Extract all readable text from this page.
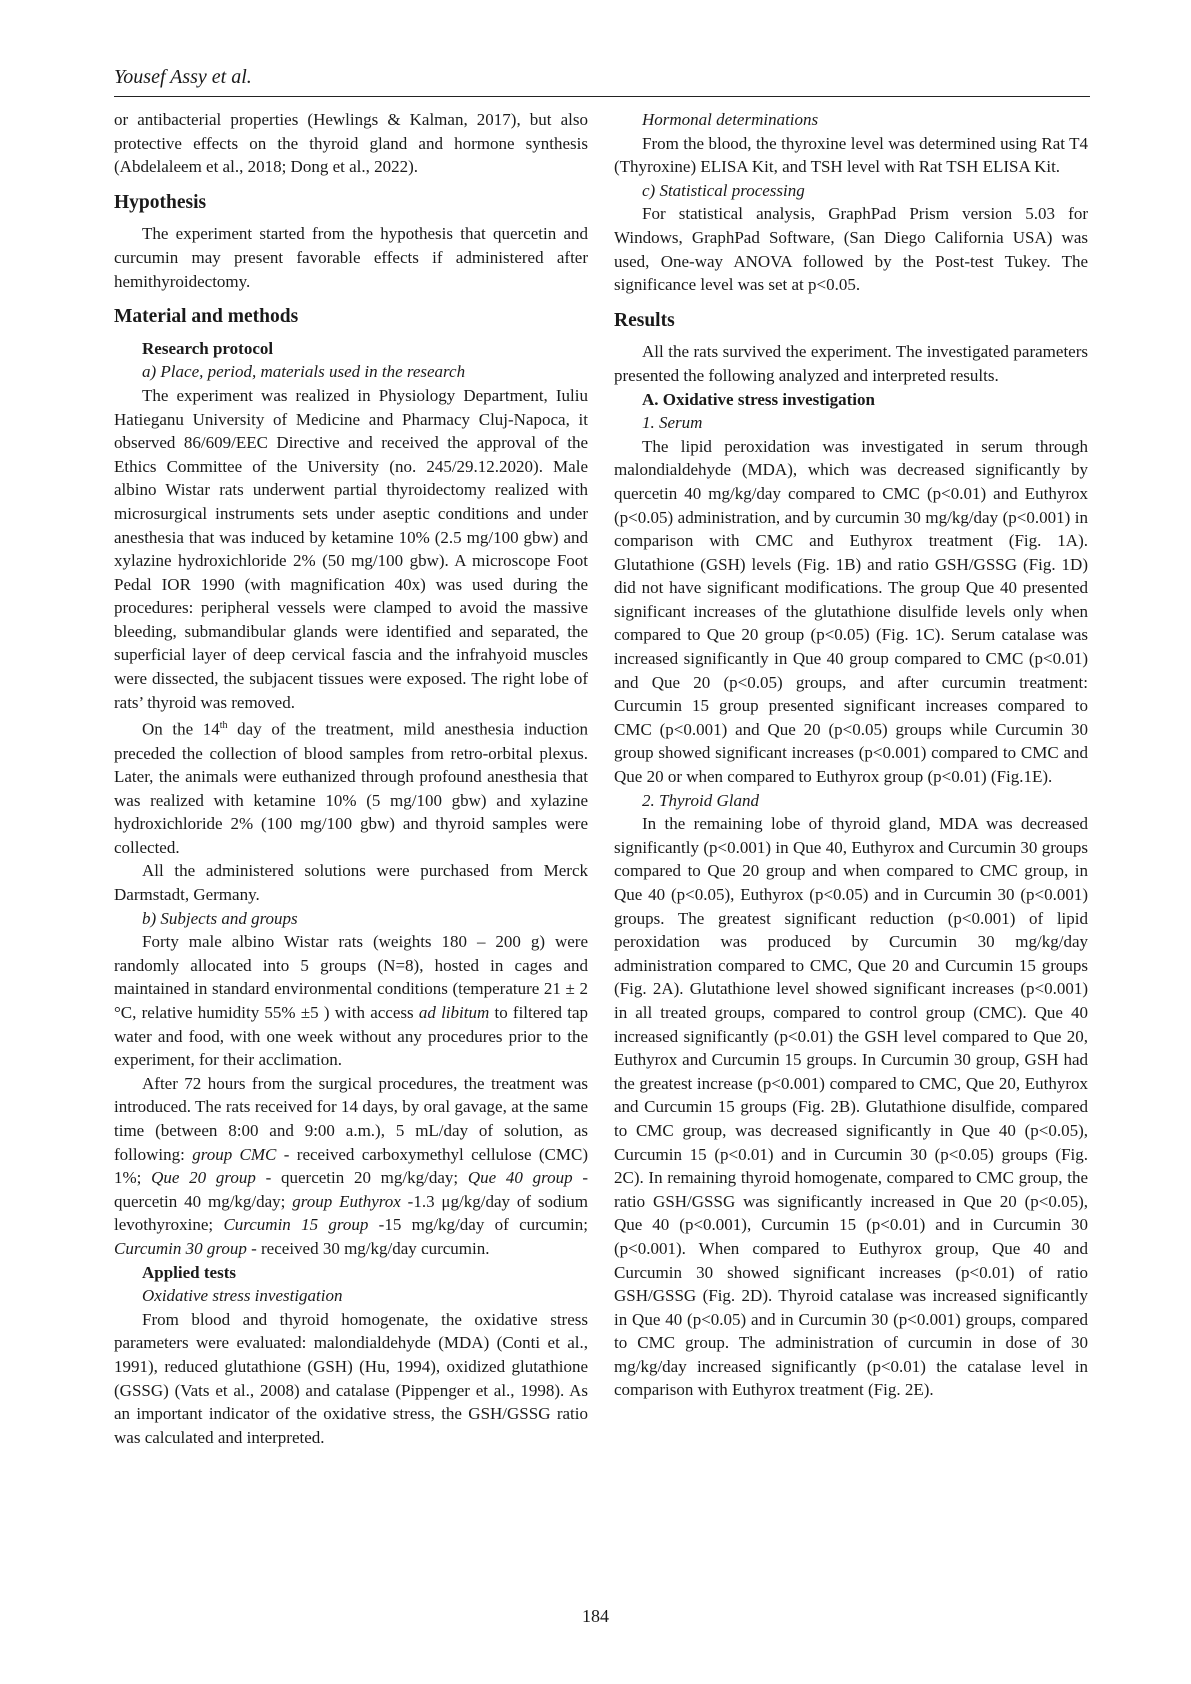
Yousef Assy et al.

or antibacterial properties (Hewlings & Kalman, 2017), but also protective effects on the thyroid gland and hormone synthesis (Abdelaleem et al., 2018; Dong et al., 2022).

Hypothesis

The experiment started from the hypothesis that quercetin and curcumin may present favorable effects if administered after hemithyroidectomy.

Material and methods
Research protocol
a) Place, period, materials used in the research

The experiment was realized in Physiology Department, Iuliu Hatieganu University of Medicine and Pharmacy Cluj-Napoca, it observed 86/609/EEC Directive and received the approval of the Ethics Committee of the University (no. 245/29.12.2020). Male albino Wistar rats underwent partial thyroidectomy realized with microsurgical instruments sets under aseptic conditions and under anesthesia that was induced by ketamine 10% (2.5 mg/100 gbw) and xylazine hydroxichloride 2% (50 mg/100 gbw). A microscope Foot Pedal IOR 1990 (with magnification 40x) was used during the procedures: peripheral vessels were clamped to avoid the massive bleeding, submandibular glands were identified and separated, the superficial layer of deep cervical fascia and the infrahyoid muscles were dissected, the subjacent tissues were exposed. The right lobe of rats’ thyroid was removed.

On the 14th day of the treatment, mild anesthesia induction preceded the collection of blood samples from retro-orbital plexus. Later, the animals were euthanized through profound anesthesia that was realized with ketamine 10% (5 mg/100 gbw) and xylazine hydroxichloride 2% (100 mg/100 gbw) and thyroid samples were collected.

All the administered solutions were purchased from Merck Darmstadt, Germany.

b) Subjects and groups

Forty male albino Wistar rats (weights 180 – 200 g) were randomly allocated into 5 groups (N=8), hosted in cages and maintained in standard environmental conditions (temperature 21 ± 2 °C, relative humidity 55% ±5 ) with access ad libitum to filtered tap water and food, with one week without any procedures prior to the experiment, for their acclimation.

After 72 hours from the surgical procedures, the treatment was introduced. The rats received for 14 days, by oral gavage, at the same time (between 8:00 and 9:00 a.m.), 5 mL/day of solution, as following: group CMC - received carboxymethyl cellulose (CMC) 1%; Que 20 group - quercetin 20 mg/kg/day; Que 40 group - quercetin 40 mg/kg/day; group Euthyrox -1.3 μg/kg/day of sodium levothyroxine; Curcumin 15 group -15 mg/kg/day of curcumin; Curcumin 30 group - received 30 mg/kg/day curcumin.

Applied tests
Oxidative stress investigation

From blood and thyroid homogenate, the oxidative stress parameters were evaluated: malondialdehyde (MDA) (Conti et al., 1991), reduced glutathione (GSH) (Hu, 1994), oxidized glutathione (GSSG) (Vats et al., 2008) and catalase (Pippenger et al., 1998). As an important indicator of the oxidative stress, the GSH/GSSG ratio was calculated and interpreted.

Hormonal determinations

From the blood, the thyroxine level was determined using Rat T4 (Thyroxine) ELISA Kit, and TSH level with Rat TSH ELISA Kit.

c) Statistical processing

For statistical analysis, GraphPad Prism version 5.03 for Windows, GraphPad Software, (San Diego California USA) was used, One-way ANOVA followed by the Post-test Tukey. The significance level was set at p<0.05.

Results

All the rats survived the experiment. The investigated parameters presented the following analyzed and interpreted results.

A. Oxidative stress investigation
1. Serum

The lipid peroxidation was investigated in serum through malondialdehyde (MDA), which was decreased significantly by quercetin 40 mg/kg/day compared to CMC (p<0.01) and Euthyrox (p<0.05) administration, and by curcumin 30 mg/kg/day (p<0.001) in comparison with CMC and Euthyrox treatment (Fig. 1A). Glutathione (GSH) levels (Fig. 1B) and ratio GSH/GSSG (Fig. 1D) did not have significant modifications. The group Que 40 presented significant increases of the glutathione disulfide levels only when compared to Que 20 group (p<0.05) (Fig. 1C). Serum catalase was increased significantly in Que 40 group compared to CMC (p<0.01) and Que 20 (p<0.05) groups, and after curcumin treatment: Curcumin 15 group presented significant increases compared to CMC (p<0.001) and Que 20 (p<0.05) groups while Curcumin 30 group showed significant increases (p<0.001) compared to CMC and Que 20 or when compared to Euthyrox group (p<0.01) (Fig.1E).

2. Thyroid Gland

In the remaining lobe of thyroid gland, MDA was decreased significantly (p<0.001) in Que 40, Euthyrox and Curcumin 30 groups compared to Que 20 group and when compared to CMC group, in Que 40 (p<0.05), Euthyrox (p<0.05) and in Curcumin 30 (p<0.001) groups. The greatest significant reduction (p<0.001) of lipid peroxidation was produced by Curcumin 30 mg/kg/day administration compared to CMC, Que 20 and Curcumin 15 groups (Fig. 2A). Glutathione level showed significant increases (p<0.001) in all treated groups, compared to control group (CMC). Que 40 increased significantly (p<0.01) the GSH level compared to Que 20, Euthyrox and Curcumin 15 groups. In Curcumin 30 group, GSH had the greatest increase (p<0.001) compared to CMC, Que 20, Euthyrox and Curcumin 15 groups (Fig. 2B). Glutathione disulfide, compared to CMC group, was decreased significantly in Que 40 (p<0.05), Curcumin 15 (p<0.01) and in Curcumin 30 (p<0.05) groups (Fig. 2C). In remaining thyroid homogenate, compared to CMC group, the ratio GSH/GSSG was significantly increased in Que 20 (p<0.05), Que 40 (p<0.001), Curcumin 15 (p<0.01) and in Curcumin 30 (p<0.001). When compared to Euthyrox group, Que 40 and Curcumin 30 showed significant increases (p<0.01) of ratio GSH/GSSG (Fig. 2D). Thyroid catalase was increased significantly in Que 40 (p<0.05) and in Curcumin 30 (p<0.001) groups, compared to CMC group. The administration of curcumin in dose of 30 mg/kg/day increased significantly (p<0.01) the catalase level in comparison with Euthyrox treatment (Fig. 2E).

184
